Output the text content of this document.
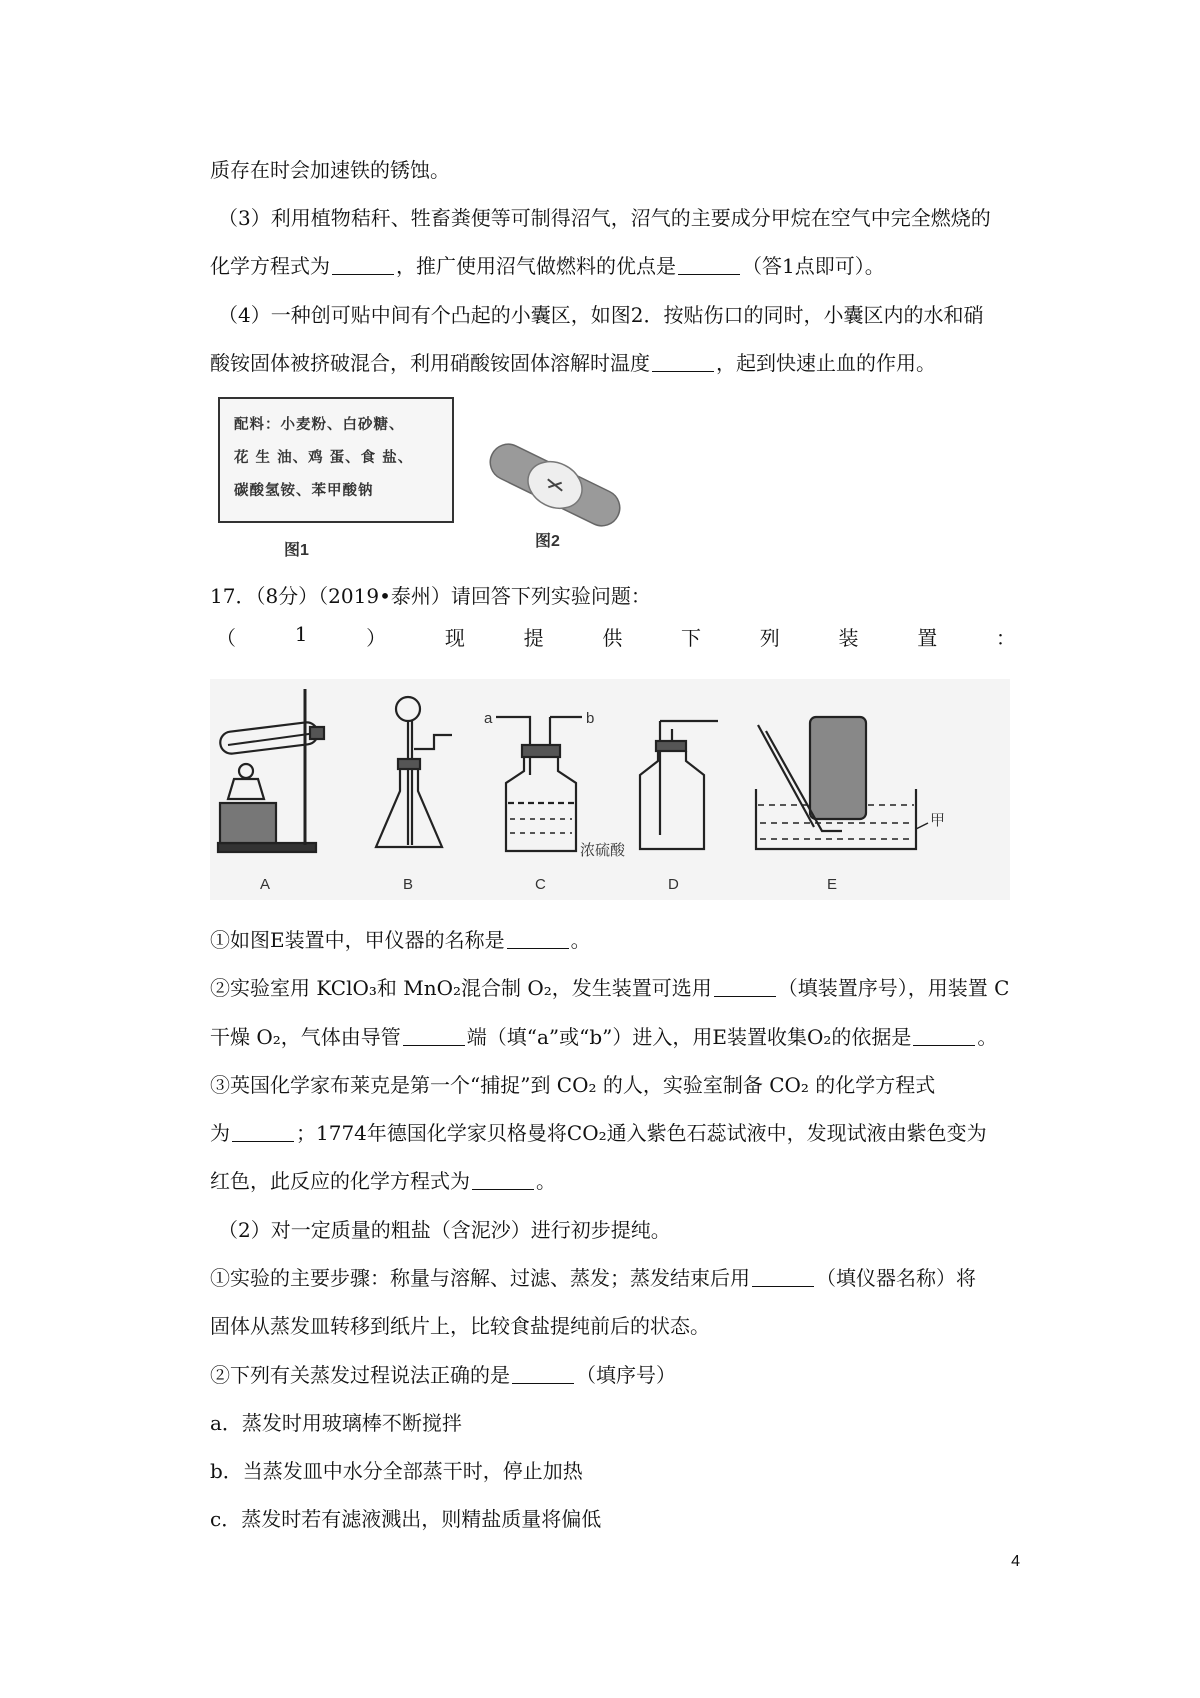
质存在时会加速铁的锈蚀。
（3）利用植物秸秆、牲畜粪便等可制得沼气，沼气的主要成分甲烷在空气中完全燃烧的
化学方程式为	，推广使用沼气做燃料的优点是	（答1点即可）。
（4）一种创可贴中间有个凸起的小囊区，如图2．按贴伤口的同时，小囊区内的水和硝
酸铵固体被挤破混合，利用硝酸铵固体溶解时温度	，起到快速止血的作用。
配料：小麦粉、白砂糖、
花 生 油、鸡 蛋、食 盐、
碳酸氢铵、苯甲酸钠
图1
图2
17．（8分）（2019•泰州）请回答下列实验问题：
（	1	）	现	提	供	下	列	装	置	：
A	B	C	D	E
a	b
浓硫酸
甲
①如图E装置中，甲仪器的名称是	。
②实验室用 KClO₃和 MnO₂混合制 O₂，发生装置可选用	（填装置序号），用装置 C
干燥 O₂，气体由导管	端（填“a”或“b”）进入，用E装置收集O₂的依据是	。
③英国化学家布莱克是第一个“捕捉”到 CO₂ 的人，实验室制备 CO₂ 的化学方程式
为	；1774年德国化学家贝格曼将CO₂通入紫色石蕊试液中，发现试液由紫色变为
红色，此反应的化学方程式为	。
（2）对一定质量的粗盐（含泥沙）进行初步提纯。
①实验的主要步骤：称量与溶解、过滤、蒸发；蒸发结束后用	（填仪器名称）将
固体从蒸发皿转移到纸片上，比较食盐提纯前后的状态。
②下列有关蒸发过程说法正确的是	（填序号）
a．蒸发时用玻璃棒不断搅拌
b．当蒸发皿中水分全部蒸干时，停止加热
c．蒸发时若有滤液溅出，则精盐质量将偏低
4
